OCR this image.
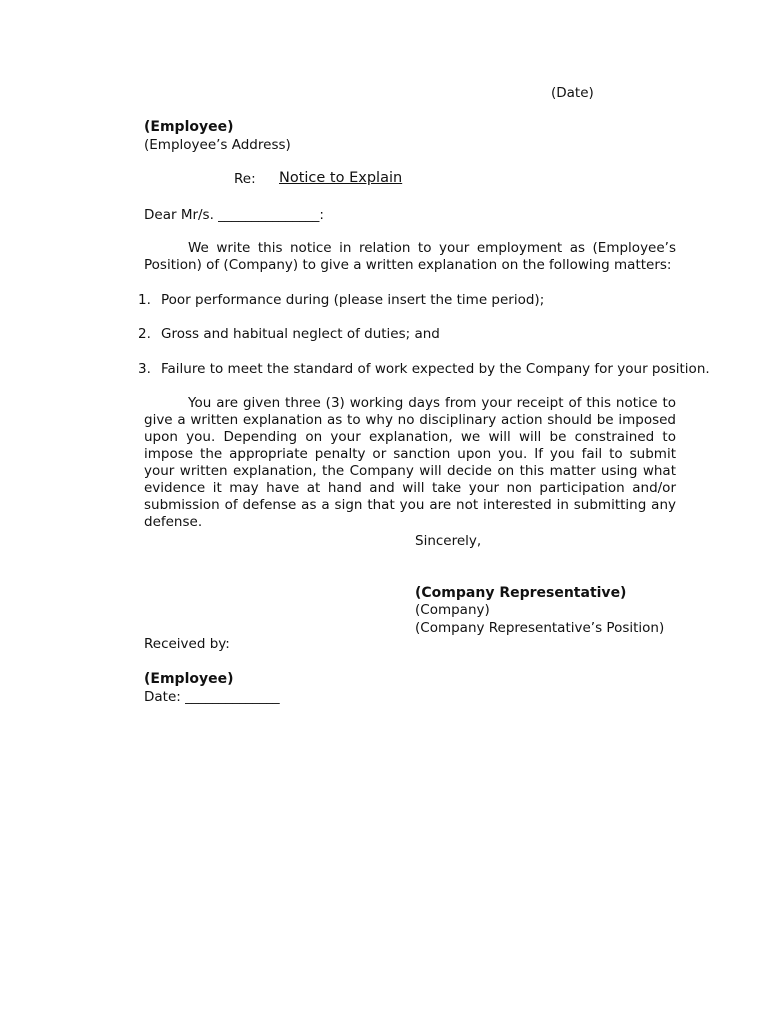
(Date)
(Employee)
(Employee’s Address)
Re: Notice to Explain
Dear Mr/s. _______________:
We write this notice in relation to your employment as (Employee’s Position) of (Company) to give a written explanation on the following matters:
1. Poor performance during (please insert the time period);
2. Gross and habitual neglect of duties; and
3. Failure to meet the standard of work expected by the Company for your position.
You are given three (3) working days from your receipt of this notice to give a written explanation as to why no disciplinary action should be imposed upon you. Depending on your explanation, we will will be constrained to impose the appropriate penalty or sanction upon you. If you fail to submit your written explanation, the Company will decide on this matter using what evidence it may have at hand and will take your non participation and/or submission of defense as a sign that you are not interested in submitting any defense.
Sincerely,
(Company Representative)
(Company)
(Company Representative’s Position)
Received by:
(Employee)
Date: ______________
